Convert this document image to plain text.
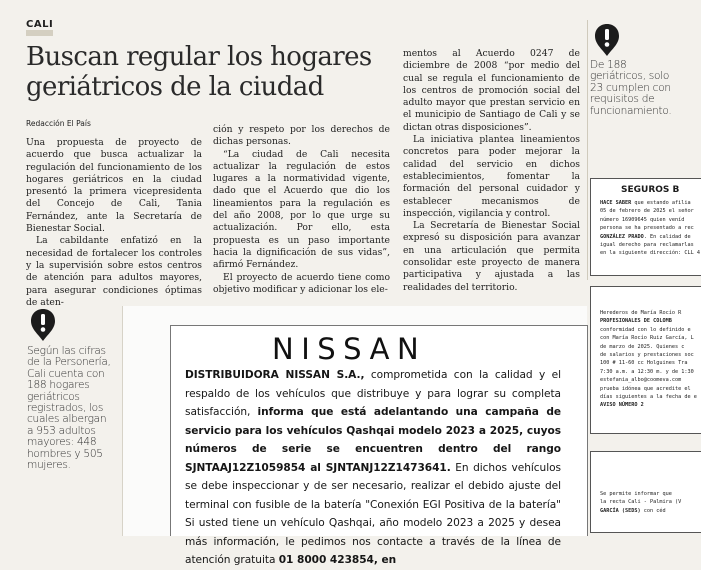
CALI
Buscan regular los hogares geriátricos de la ciudad
Redacción El País

Una propuesta de proyecto de acuerdo que busca actualizar la regulación del funcionamiento de los hogares geriátricos en la ciudad presentó la primera vicepresidenta del Concejo de Cali, Tania Fernández, ante la Secretaría de Bienestar Social.

La cabildante enfatizó en la necesidad de fortalecer los controles y la supervisión sobre estos centros de atención para adultos mayores, para asegurar condiciones óptimas de aten-

ción y respeto por los derechos de dichas personas.

“La ciudad de Cali necesita actualizar la regulación de estos lugares a la normatividad vigente, dado que el Acuerdo que dio los lineamientos para la regulación es del año 2008, por lo que urge su actualización. Por ello, esta propuesta es un paso importante hacia la dignificación de sus vidas”, afirmó Fernández.

El proyecto de acuerdo tiene como objetivo modificar y adicionar los ele-

mentos al Acuerdo 0247 de diciembre de 2008 “por medio del cual se regula el funcionamiento de los centros de promoción social del adulto mayor que prestan servicio en el municipio de Santiago de Cali y se dictan otras disposiciones”.

La iniciativa plantea lineamientos concretos para poder mejorar la calidad del servicio en dichos establecimientos, fomentar la formación del personal cuidador y establecer mecanismos de inspección, vigilancia y control.

La Secretaría de Bienestar Social expresó su disposición para avanzar en una articulación que permita consolidar este proyecto de manera participativa y ajustada a las realidades del territorio.

De 188 geriátricos, solo 23 cumplen con requisitos de funcionamiento.
Según las cifras de la Personería, Cali cuenta con 188 hogares geriátricos registrados, los cuales albergan a 953 adultos mayores: 448 hombres y 505 mujeres.
SEGUROS B
HACE SABER que estando afilia
05 de febrero de 2025 el señor
número 16909645 quien veníd
persona se ha presentado a rec
GONZÁLEZ PRADO. En calidad de
igual derecho para reclamarlas
en la siguiente dirección: CLL 4
Herederos de María Rocío R
PROFESIONALES DE COLOMB
conformidad con lo definido e
con María Rocío Ruiz García, L
de marzo de 2025. Quienes c
de salarios y prestaciones soc
100 # 11-60 cc Holguines Tra
7:30 a.m. a 12:30 m. y de 1:30
estefania_albo@coomeva.com
prueba idónea que acredite el
días siguientes a la fecha de e
AVISO NÚMERO 2
Se permite informar que
la recta Cali - Palmira (V
GARCÍA (SEDS) con céd
NISSAN
DISTRIBUIDORA NISSAN S.A., comprometida con la calidad y el respaldo de los vehículos que distribuye y para lograr su completa satisfacción, informa que está adelantando una campaña de servicio para los vehículos Qashqai modelo 2023 a 2025, cuyos números de serie se encuentren dentro del rango SJNTAAJ12Z1059854 al SJNTANJ12Z1473641. En dichos vehículos se debe inspeccionar y de ser necesario, realizar el debido ajuste del terminal con fusible de la batería "Conexión EGI Positiva de la batería" Si usted tiene un vehículo Qashqai, año modelo 2023 a 2025 y desea más información, le pedimos nos contacte a través de la línea de atención gratuita 01 8000 423854, en
